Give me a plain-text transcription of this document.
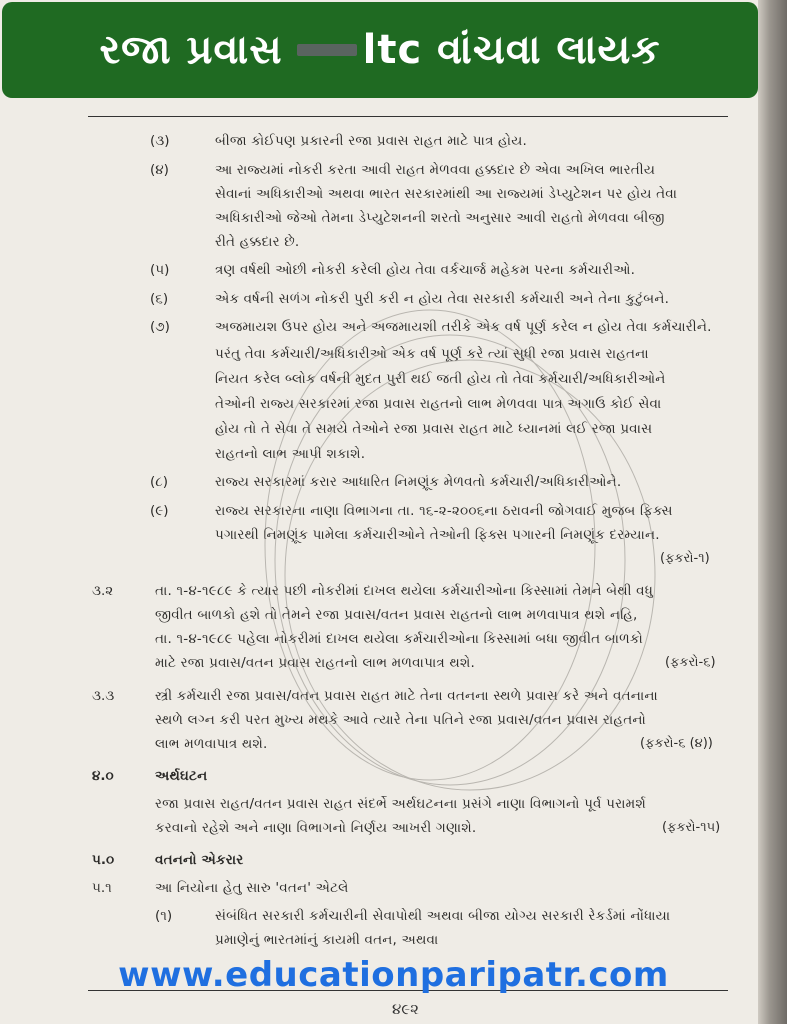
(૩)	બીજા કોઈપણ પ્રકારની રજા પ્રવાસ રાહત માટે પાત્ર હોય.
(૪)	આ રાજ્યમાં નોકરી કરતા આવી રાહત મેળવવા હક્કદાર છે એવા અખિલ ભારતીય
સેવાનાં અધિકારીઓ અથવા ભારત સરકારમાંથી આ રાજ્યમાં ડેપ્યુટેશન પર હોય તેવા
અધિકારીઓ જેઓ તેમના ડેપ્યુટેશનની શરતો અનુસાર આવી રાહતો મેળવવા બીજી
રીતે હક્કદાર છે.
(૫)	ત્રણ વર્ષથી ઓછી નોકરી કરેલી હોય તેવા વર્કચાર્જ મહેકમ પરના કર્મચારીઓ.
(૬)	એક વર્ષની સળંગ નોકરી પુરી કરી ન હોય તેવા સરકારી કર્મચારી અને તેના કુટુંબને.
(૭)	અજમાયશ ઉપર હોય અને અજમાયશી તરીકે એક વર્ષ પૂર્ણ કરેલ ન હોય તેવા કર્મચારીને.
પરંતુ તેવા કર્મચારી/અધિકારીઓ એક વર્ષ પૂર્ણ કરે ત્યાં સુધી રજા પ્રવાસ રાહતના
નિયત કરેલ બ્લોક વર્ષની મુદત પુરી થઈ જતી હોય તો તેવા કર્મચારી/અધિકારીઓને
તેઓની રાજ્ય સરકારમાં રજા પ્રવાસ રાહતનો લાભ મેળવવા પાત્ર અગાઉ કોઈ સેવા
હોય તો તે સેવા તે સમયે તેઓને રજા પ્રવાસ રાહત માટે ધ્યાનમાં લઈ રજા પ્રવાસ
રાહતનો લાભ આપી શકાશે.
(૮)	રાજ્ય સરકારમાં કરાર આધારિત નિમણૂંક મેળવતો કર્મચારી/અધિકારીઓને.
(૯)	રાજ્ય સરકારના નાણા વિભાગના તા. ૧૬-૨-૨૦૦૬ના ઠરાવની જોગવાઈ મુજબ ફિક્સ
પગારથી નિમણૂંક પામેલા કર્મચારીઓને તેઓની ફિક્સ પગારની નિમણૂંક દરમ્યાન.
(ફકરો-૧)
૩.૨	તા. ૧-૪-૧૯૮૯ કે ત્યાર પછી નોકરીમાં દાખલ થયેલા કર્મચારીઓના કિસ્સામાં તેમને બેથી વધુ
જીવીત બાળકો હશે તો તેમને રજા પ્રવાસ/વતન પ્રવાસ રાહતનો લાભ મળવાપાત્ર થશે નહિ,
તા. ૧-૪-૧૯૮૯ પહેલા નોકરીમાં દાખલ થયેલા કર્મચારીઓના કિસ્સામાં બધા જીવીત બાળકો
માટે રજા પ્રવાસ/વતન પ્રવાસ રાહતનો લાભ મળવાપાત્ર થશે.	(ફકરો-૬)
૩.૩	સ્ત્રી કર્મચારી રજા પ્રવાસ/વતન પ્રવાસ રાહત માટે તેના વતનના સ્થળે પ્રવાસ કરે અને વતનાના
સ્થળે લગ્ન કરી પરત મુખ્ય મથકે આવે ત્યારે તેના પતિને રજા પ્રવાસ/વતન પ્રવાસ રાહતનો
લાભ મળવાપાત્ર થશે.	(ફકરો-૬ (૪))
૪.૦	અર્થઘટન
રજા પ્રવાસ રાહત/વતન પ્રવાસ રાહત સંદર્ભે અર્થઘટનના પ્રસંગે નાણા વિભાગનો પૂર્વ પરામર્શ
કરવાનો રહેશે અને નાણા વિભાગનો નિર્ણય આખરી ગણાશે.	(ફકરો-૧૫)
૫.૦	વતનનો એકરાર
૫.૧	આ નિયોના હેતુ સારુ 'વતન' એટલે
(૧)	સંબંધિત સરકારી કર્મચારીની સેવાપોથી અથવા બીજા યોગ્ય સરકારી રેકર્ડમાં નોંધાયા
પ્રમાણેનું ભારતમાંનું કાયમી વતન, અથવા
૪૯૨
રજા પ્રવાસ ltc વાંચવા લાયક
www.educationparipatr.com
